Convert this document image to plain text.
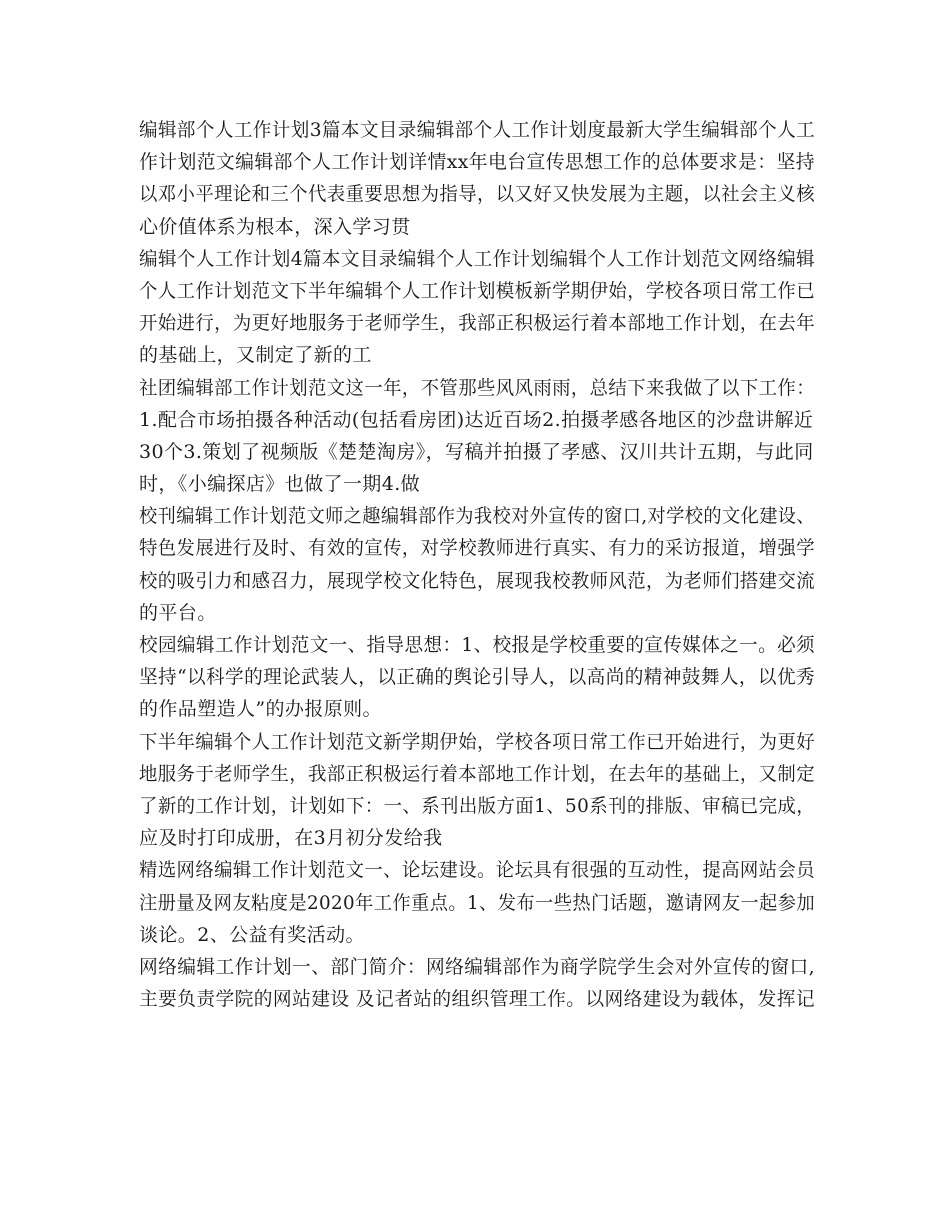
编辑部个人工作计划3篇本文目录编辑部个人工作计划度最新大学生编辑部个人工
作计划范文编辑部个人工作计划详情xx年电台宣传思想工作的总体要求是：坚持
以邓小平理论和三个代表重要思想为指导，以又好又快发展为主题，以社会主义核
心价值体系为根本，深入学习贯
编辑个人工作计划4篇本文目录编辑个人工作计划编辑个人工作计划范文网络编辑
个人工作计划范文下半年编辑个人工作计划模板新学期伊始，学校各项日常工作已
开始进行，为更好地服务于老师学生，我部正积极运行着本部地工作计划，在去年
的基础上，又制定了新的工
社团编辑部工作计划范文这一年，不管那些风风雨雨，总结下来我做了以下工作：
1.配合市场拍摄各种活动(包括看房团)达近百场2.拍摄孝感各地区的沙盘讲解近
30个3.策划了视频版《楚楚淘房》，写稿并拍摄了孝感、汉川共计五期，与此同
时，《小编探店》也做了一期4.做
校刊编辑工作计划范文师之趣编辑部作为我校对外宣传的窗口,对学校的文化建设、
特色发展进行及时、有效的宣传，对学校教师进行真实、有力的采访报道，增强学
校的吸引力和感召力，展现学校文化特色，展现我校教师风范，为老师们搭建交流
的平台。
校园编辑工作计划范文一、指导思想：1、校报是学校重要的宣传媒体之一。必须
坚持“以科学的理论武装人，以正确的舆论引导人，以高尚的精神鼓舞人，以优秀
的作品塑造人”的办报原则。
下半年编辑个人工作计划范文新学期伊始，学校各项日常工作已开始进行，为更好
地服务于老师学生，我部正积极运行着本部地工作计划，在去年的基础上，又制定
了新的工作计划，计划如下：一、系刊出版方面1、50系刊的排版、审稿已完成，
应及时打印成册，在3月初分发给我
精选网络编辑工作计划范文一、论坛建设。论坛具有很强的互动性，提高网站会员
注册量及网友粘度是2020年工作重点。1、发布一些热门话题，邀请网友一起参加
谈论。2、公益有奖活动。
网络编辑工作计划一、部门简介：网络编辑部作为商学院学生会对外宣传的窗口,
主要负责学院的网站建设 及记者站的组织管理工作。以网络建设为载体，发挥记
